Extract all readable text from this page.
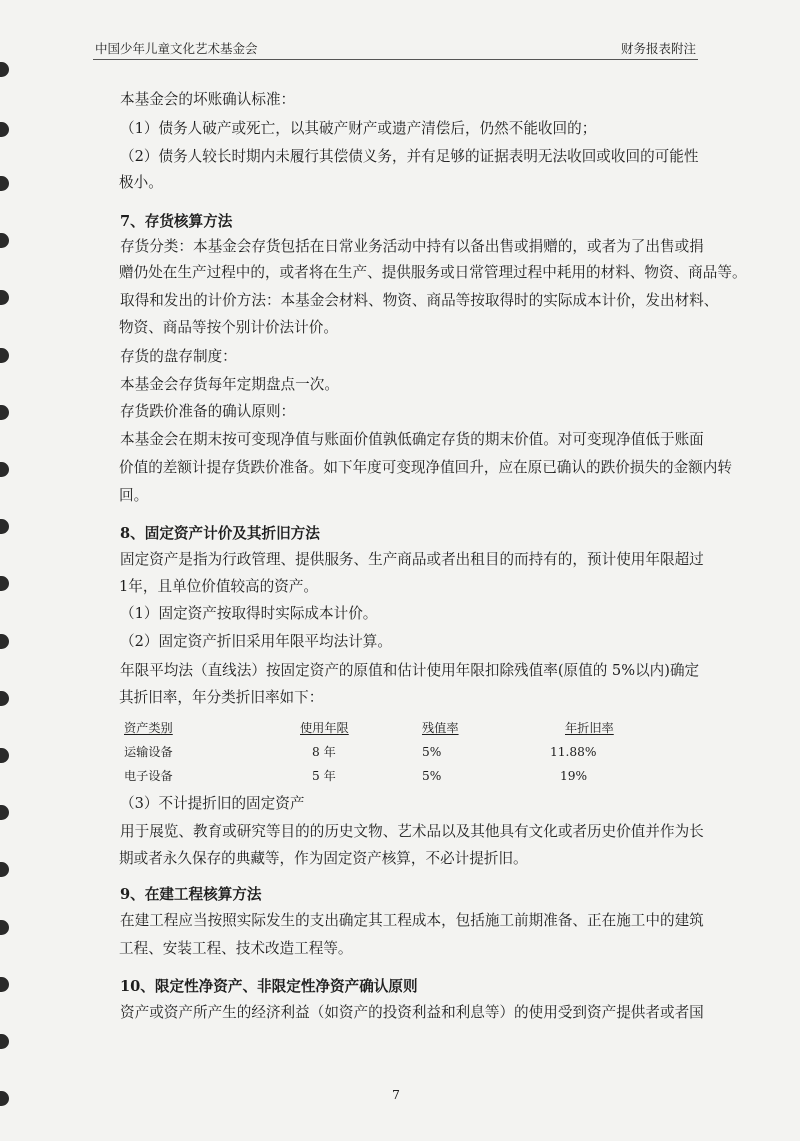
中国少年儿童文化艺术基金会	财务报表附注
本基金会的坏账确认标准：
（1）债务人破产或死亡，以其破产财产或遗产清偿后，仍然不能收回的；
（2）债务人较长时期内未履行其偿债义务，并有足够的证据表明无法收回或收回的可能性
极小。
7、存货核算方法
存货分类：本基金会存货包括在日常业务活动中持有以备出售或捐赠的，或者为了出售或捐
赠仍处在生产过程中的，或者将在生产、提供服务或日常管理过程中耗用的材料、物资、商品等。
取得和发出的计价方法：本基金会材料、物资、商品等按取得时的实际成本计价，发出材料、
物资、商品等按个别计价法计价。
存货的盘存制度：
本基金会存货每年定期盘点一次。
存货跌价准备的确认原则：
本基金会在期末按可变现净值与账面价值孰低确定存货的期末价值。对可变现净值低于账面
价值的差额计提存货跌价准备。如下年度可变现净值回升，应在原已确认的跌价损失的金额内转
回。
8、固定资产计价及其折旧方法
固定资产是指为行政管理、提供服务、生产商品或者出租目的而持有的，预计使用年限超过
1年，且单位价值较高的资产。
（1）固定资产按取得时实际成本计价。
（2）固定资产折旧采用年限平均法计算。
年限平均法（直线法）按固定资产的原值和估计使用年限扣除残值率(原值的 5%以内)确定
其折旧率，年分类折旧率如下：
资产类别	使用年限	残值率	年折旧率
运输设备	8 年	5%	11.88%
电子设备	5 年	5%	19%
（3）不计提折旧的固定资产
用于展览、教育或研究等目的的历史文物、艺术品以及其他具有文化或者历史价值并作为长
期或者永久保存的典藏等，作为固定资产核算，不必计提折旧。
9、在建工程核算方法
在建工程应当按照实际发生的支出确定其工程成本，包括施工前期准备、正在施工中的建筑
工程、安装工程、技术改造工程等。
10、限定性净资产、非限定性净资产确认原则
资产或资产所产生的经济利益（如资产的投资利益和利息等）的使用受到资产提供者或者国
7
